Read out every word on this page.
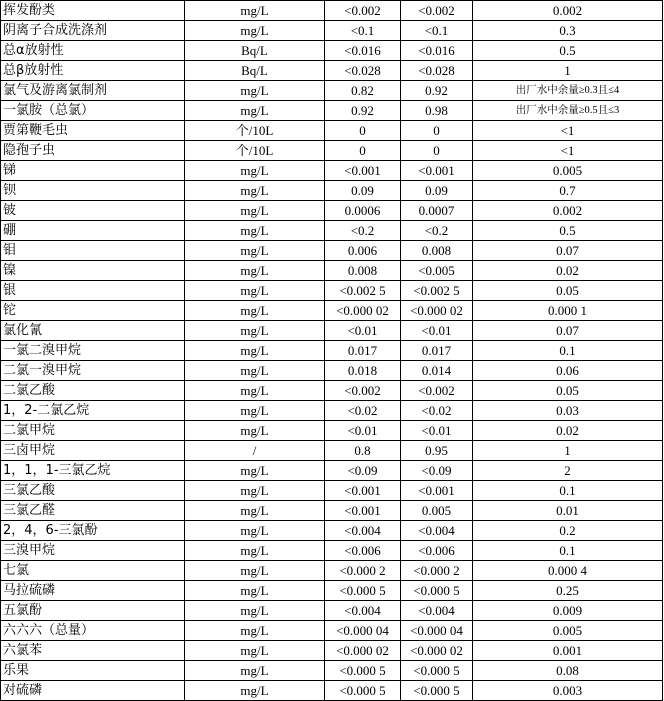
挥发酚类	mg/L	<0.002	<0.002	0.002
阴离子合成洗涤剂	mg/L	<0.1	<0.1	0.3
总α放射性	Bq/L	<0.016	<0.016	0.5
总β放射性	Bq/L	<0.028	<0.028	1
氯气及游离氯制剂	mg/L	0.82	0.92	出厂水中余量≥0.3且≤4
一氯胺（总氯）	mg/L	0.92	0.98	出厂水中余量≥0.5且≤3
贾第鞭毛虫	个/10L	0	0	<1
隐孢子虫	个/10L	0	0	<1
锑	mg/L	<0.001	<0.001	0.005
钡	mg/L	0.09	0.09	0.7
铍	mg/L	0.0006	0.0007	0.002
硼	mg/L	<0.2	<0.2	0.5
钼	mg/L	0.006	0.008	0.07
镍	mg/L	0.008	<0.005	0.02
银	mg/L	<0.002 5	<0.002 5	0.05
铊	mg/L	<0.000 02	<0.000 02	0.000 1
氯化氰	mg/L	<0.01	<0.01	0.07
一氯二溴甲烷	mg/L	0.017	0.017	0.1
二氯一溴甲烷	mg/L	0.018	0.014	0.06
二氯乙酸	mg/L	<0.002	<0.002	0.05
1，2-二氯乙烷	mg/L	<0.02	<0.02	0.03
二氯甲烷	mg/L	<0.01	<0.01	0.02
三卤甲烷	/	0.8	0.95	1
1，1，1-三氯乙烷	mg/L	<0.09	<0.09	2
三氯乙酸	mg/L	<0.001	<0.001	0.1
三氯乙醛	mg/L	<0.001	0.005	0.01
2，4，6-三氯酚	mg/L	<0.004	<0.004	0.2
三溴甲烷	mg/L	<0.006	<0.006	0.1
七氯	mg/L	<0.000 2	<0.000 2	0.000 4
马拉硫磷	mg/L	<0.000 5	<0.000 5	0.25
五氯酚	mg/L	<0.004	<0.004	0.009
六六六（总量）	mg/L	<0.000 04	<0.000 04	0.005
六氯苯	mg/L	<0.000 02	<0.000 02	0.001
乐果	mg/L	<0.000 5	<0.000 5	0.08
对硫磷	mg/L	<0.000 5	<0.000 5	0.003
